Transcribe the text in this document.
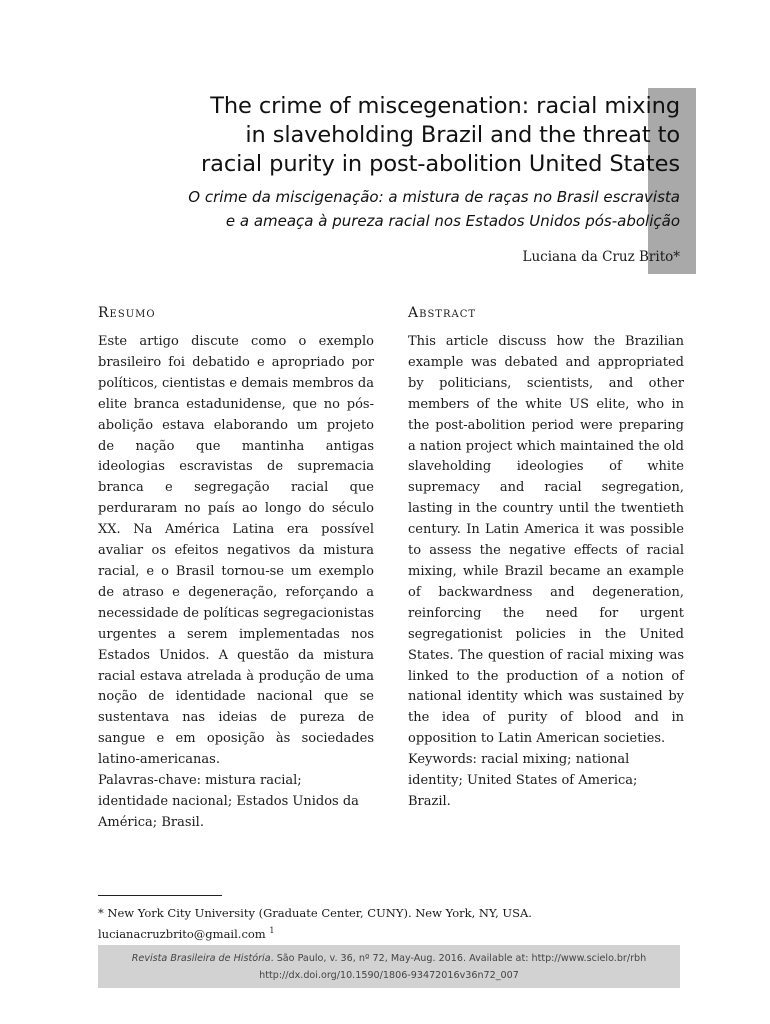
The crime of miscegenation: racial mixing
in slaveholding Brazil and the threat to
racial purity in post-abolition United States

O crime da miscigenação: a mistura de raças no Brasil escravista
e a ameaça à pureza racial nos Estados Unidos pós-abolição

Luciana da Cruz Brito*
Resumo

Este artigo discute como o exemplo brasileiro foi debatido e apropriado por políticos, cientistas e demais membros da elite branca estadunidense, que no pós-abolição estava elaborando um projeto de nação que mantinha antigas ideologias escravistas de supremacia branca e segregação racial que perduraram no país ao longo do século XX. Na América Latina era possível avaliar os efeitos negativos da mistura racial, e o Brasil tornou-se um exemplo de atraso e degeneração, reforçando a necessidade de políticas segregacionistas urgentes a serem implementadas nos Estados Unidos. A questão da mistura racial estava atrelada à produção de uma noção de identidade nacional que se sustentava nas ideias de pureza de sangue e em oposição às sociedades latino-americanas.

Palavras-chave: mistura racial; identidade nacional; Estados Unidos da América; Brasil.

Abstract

This article discuss how the Brazilian example was debated and appropriated by politicians, scientists, and other members of the white US elite, who in the post-abolition period were preparing a nation project which maintained the old slaveholding ideologies of white supremacy and racial segregation, lasting in the country until the twentieth century. In Latin America it was possible to assess the negative effects of racial mixing, while Brazil became an example of backwardness and degeneration, reinforcing the need for urgent segregationist policies in the United States. The question of racial mixing was linked to the production of a notion of national identity which was sustained by the idea of purity of blood and in opposition to Latin American societies.

Keywords: racial mixing; national identity; United States of America; Brazil.

* New York City University (Graduate Center, CUNY). New York, NY, USA. lucianacruzbrito@gmail.com $^1$
Revista Brasileira de História. São Paulo, v. 36, nº 72, May-Aug. 2016. Available at: http://www.scielo.br/rbh
http://dx.doi.org/10.1590/1806-93472016v36n72_007
